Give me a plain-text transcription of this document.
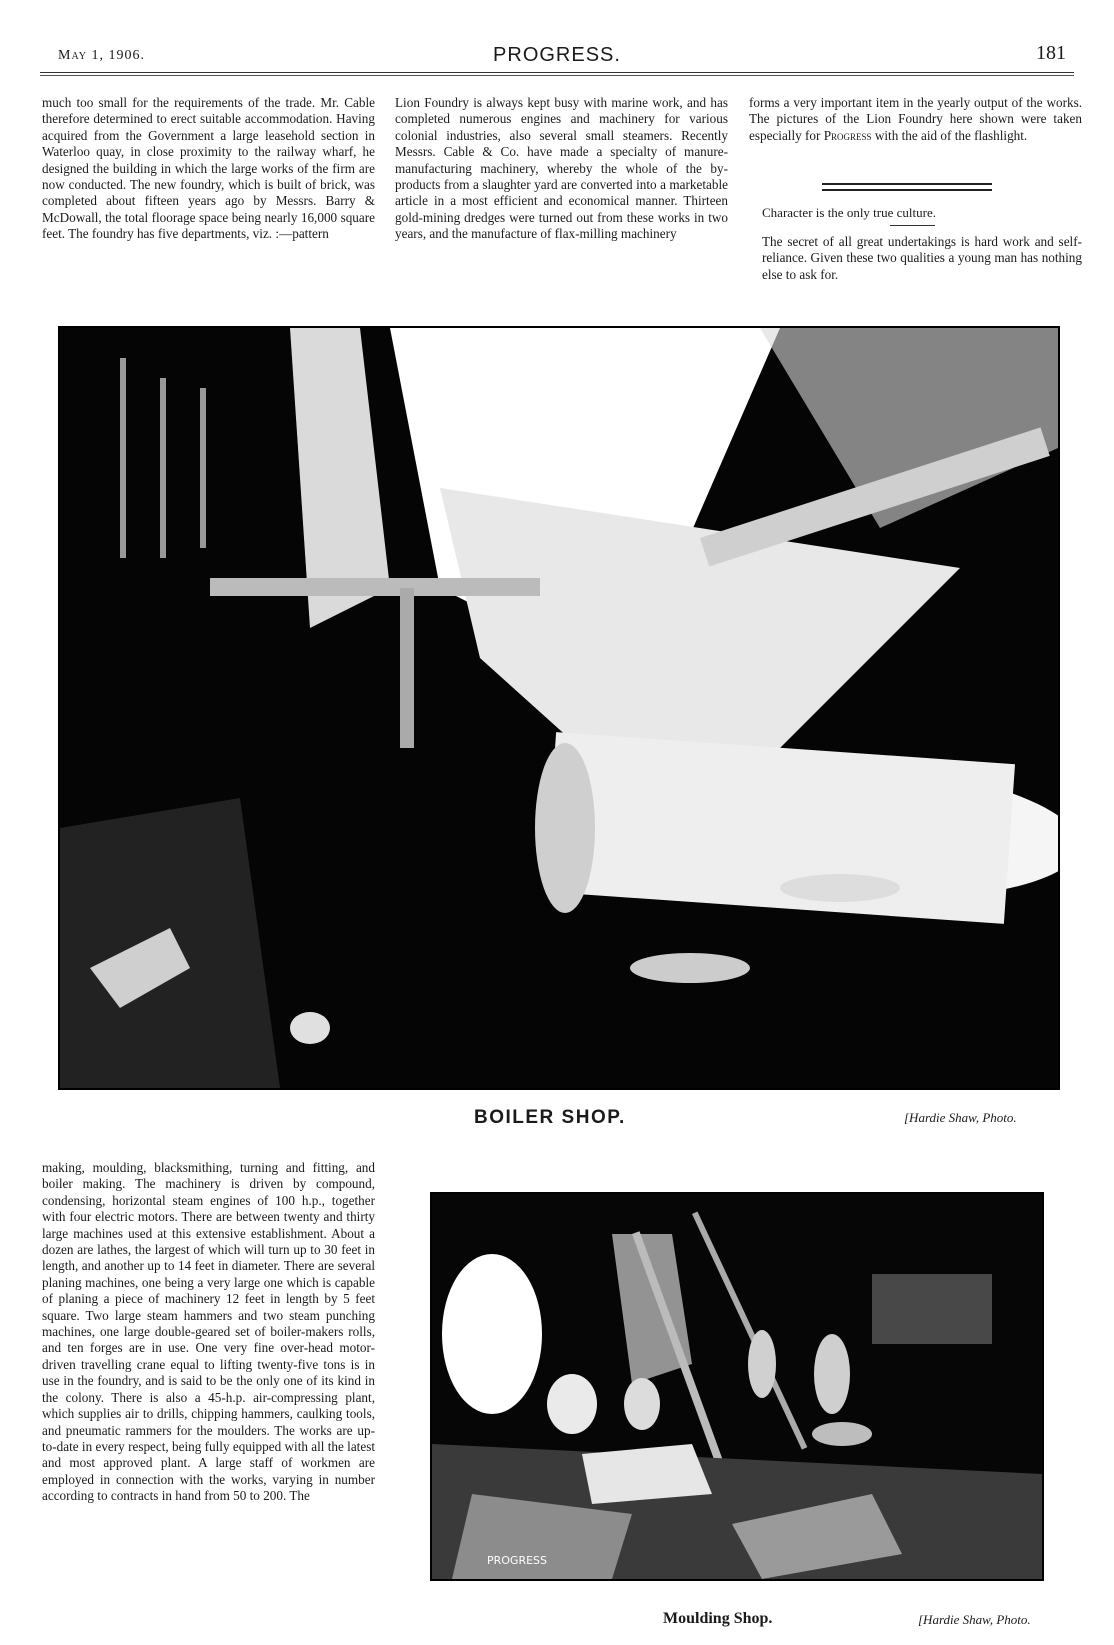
May 1, 1906.	PROGRESS.	181

much too small for the requirements of the trade. Mr. Cable therefore determined to erect suitable accommodation. Having acquired from the Government a large leasehold section in Waterloo quay, in close proximity to the railway wharf, he designed the building in which the large works of the firm are now conducted. The new foundry, which is built of brick, was completed about fifteen years ago by Messrs. Barry & McDowall, the total floorage space being nearly 16,000 square feet. The foundry has five departments, viz. :—pattern

Lion Foundry is always kept busy with marine work, and has completed numerous engines and machinery for various colonial industries, also several small steamers. Recently Messrs. Cable & Co. have made a specialty of manure-manufacturing machinery, whereby the whole of the by-products from a slaughter yard are converted into a marketable article in a most efficient and economical manner. Thirteen gold-mining dredges were turned out from these works in two years, and the manufacture of flax-milling machinery

forms a very important item in the yearly output of the works. The pictures of the Lion Foundry here shown were taken especially for Progress with the aid of the flashlight.

Character is the only true culture.

The secret of all great undertakings is hard work and self-reliance. Given these two qualities a young man has nothing else to ask for.

BOILER SHOP.	[Hardie Shaw, Photo.

making, moulding, blacksmithing, turning and fitting, and boiler making. The machinery is driven by compound, condensing, horizontal steam engines of 100 h.p., together with four electric motors. There are between twenty and thirty large machines used at this extensive establishment. About a dozen are lathes, the largest of which will turn up to 30 feet in length, and another up to 14 feet in diameter. There are several planing machines, one being a very large one which is capable of planing a piece of machinery 12 feet in length by 5 feet square. Two large steam hammers and two steam punching machines, one large double-geared set of boiler-makers rolls, and ten forges are in use. One very fine over-head motor-driven travelling crane equal to lifting twenty-five tons is in use in the foundry, and is said to be the only one of its kind in the colony. There is also a 45-h.p. air-compressing plant, which supplies air to drills, chipping hammers, caulking tools, and pneumatic rammers for the moulders. The works are up-to-date in every respect, being fully equipped with all the latest and most approved plant. A large staff of workmen are employed in connection with the works, varying in number according to contracts in hand from 50 to 200. The

PROGRESS
Moulding Shop.	[Hardie Shaw, Photo.
